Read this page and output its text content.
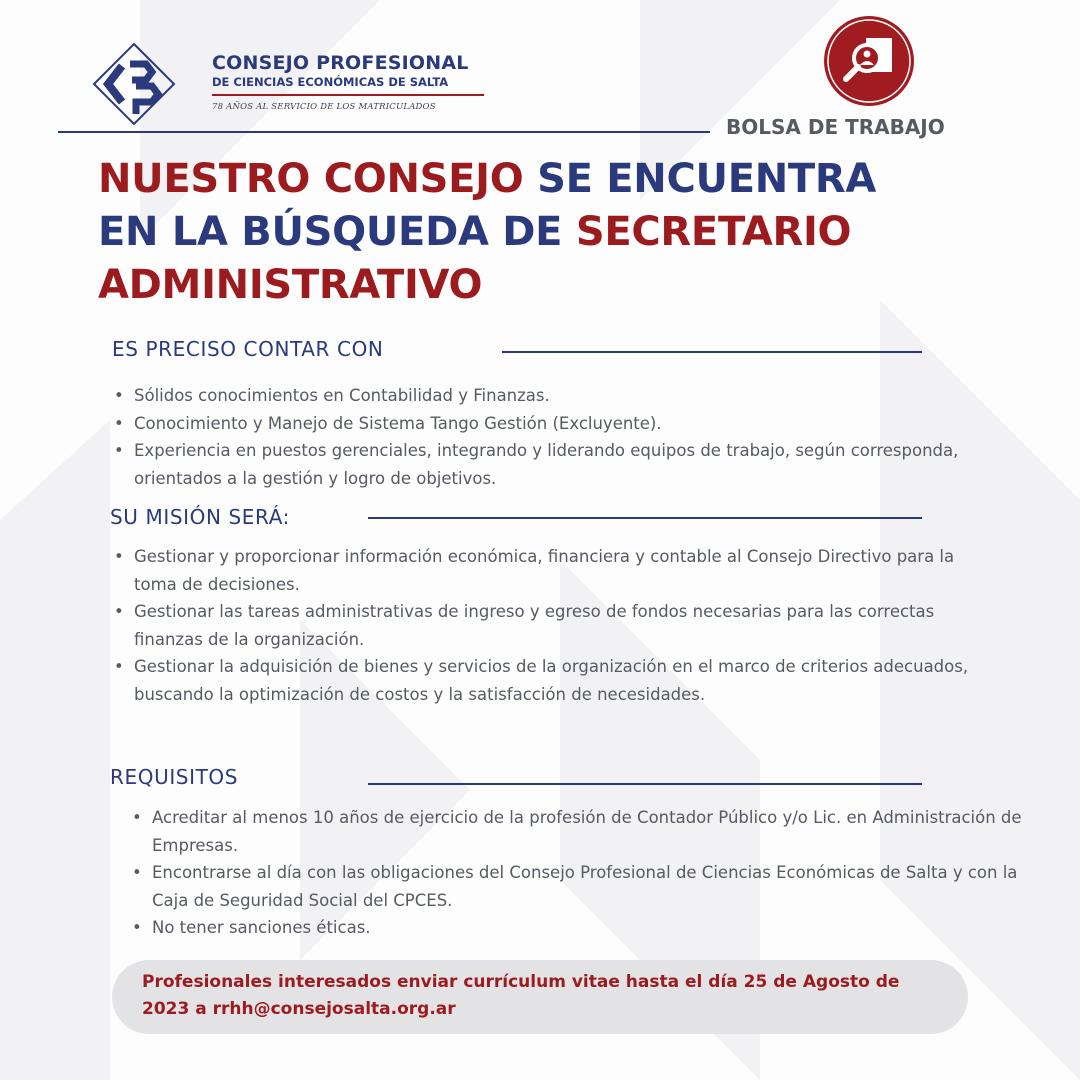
CONSEJO PROFESIONAL
DE CIENCIAS ECONÓMICAS DE SALTA
78 AÑOS AL SERVICIO DE LOS MATRICULADOS
BOLSA DE TRABAJO
NUESTRO CONSEJO SE ENCUENTRA
EN LA BÚSQUEDA DE SECRETARIO
ADMINISTRATIVO
ES PRECISO CONTAR CON
• Sólidos conocimientos en Contabilidad y Finanzas.
• Conocimiento y Manejo de Sistema Tango Gestión (Excluyente).
• Experiencia en puestos gerenciales, integrando y liderando equipos de trabajo, según corresponda, orientados a la gestión y logro de objetivos.
SU MISIÓN SERÁ:
• Gestionar y proporcionar información económica, financiera y contable al Consejo Directivo para la toma de decisiones.
• Gestionar las tareas administrativas de ingreso y egreso de fondos necesarias para las correctas finanzas de la organización.
• Gestionar la adquisición de bienes y servicios de la organización en el marco de criterios adecuados, buscando la optimización de costos y la satisfacción de necesidades.
REQUISITOS
• Acreditar al menos 10 años de ejercicio de la profesión de Contador Público y/o Lic. en Administración de Empresas.
• Encontrarse al día con las obligaciones del Consejo Profesional de Ciencias Económicas de Salta y con la Caja de Seguridad Social del CPCES.
• No tener sanciones éticas.
Profesionales interesados enviar currículum vitae hasta el día 25 de Agosto de 2023 a rrhh@consejosalta.org.ar
